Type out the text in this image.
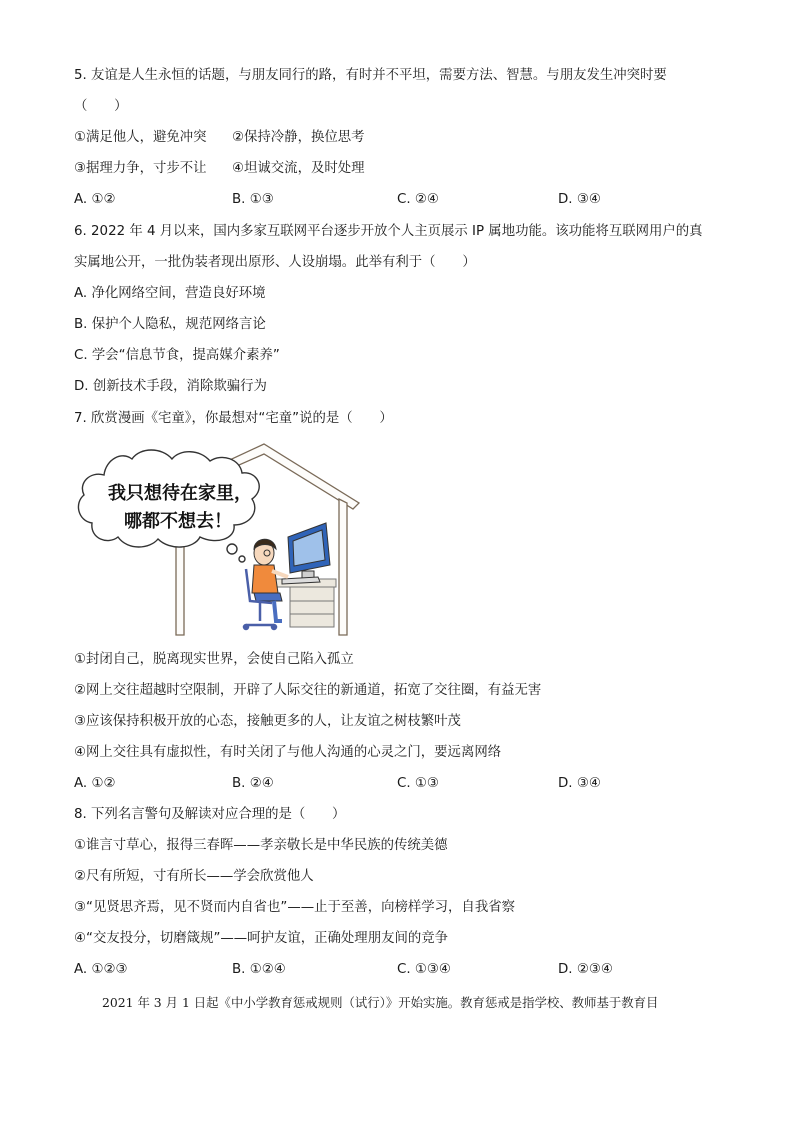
5. 友谊是人生永恒的话题，与朋友同行的路，有时并不平坦，需要方法、智慧。与朋友发生冲突时要
（　　）
①满足他人，避免冲突 ②保持冷静，换位思考
③据理力争，寸步不让 ④坦诚交流，及时处理
A. ①②	B. ①③	C. ②④	D. ③④
6. 2022 年 4 月以来，国内多家互联网平台逐步开放个人主页展示 IP 属地功能。该功能将互联网用户的真
实属地公开，一批伪装者现出原形、人设崩塌。此举有利于（　　）
A. 净化网络空间，营造良好环境
B. 保护个人隐私，规范网络言论
C. 学会“信息节食，提高媒介素养”
D. 创新技术手段，消除欺骗行为
7. 欣赏漫画《宅童》，你最想对“宅童”说的是（　　）
我只想待在家里，
哪都不想去！
①封闭自己，脱离现实世界，会使自己陷入孤立
②网上交往超越时空限制，开辟了人际交往的新通道，拓宽了交往圈，有益无害
③应该保持积极开放的心态，接触更多的人，让友谊之树枝繁叶茂
④网上交往具有虚拟性，有时关闭了与他人沟通的心灵之门，要远离网络
A. ①②	B. ②④	C. ①③	D. ③④
8. 下列名言警句及解读对应合理的是（　　）
①谁言寸草心，报得三春晖——孝亲敬长是中华民族的传统美德
②尺有所短，寸有所长——学会欣赏他人
③“见贤思齐焉，见不贤而内自省也”——止于至善，向榜样学习，自我省察
④“交友投分，切磨箴规”——呵护友谊，正确处理朋友间的竞争
A. ①②③	B. ①②④	C. ①③④	D. ②③④
2021 年 3 月 1 日起《中小学教育惩戒规则（试行）》开始实施。教育惩戒是指学校、教师基于教育目
